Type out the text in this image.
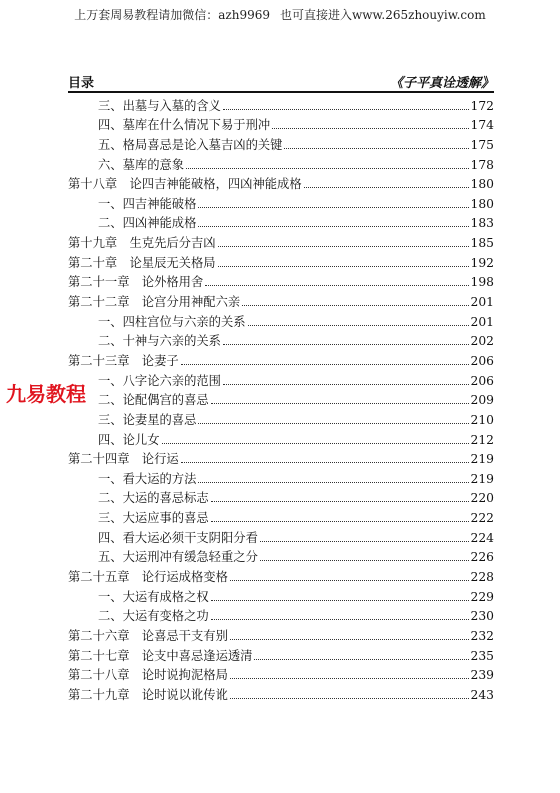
上万套周易教程请加微信：azh9969 也可直接进入www.265zhouyiw.com
目录	《子平真诠透解》
三、出墓与入墓的含义	172
四、墓库在什么情况下易于刑冲	174
五、格局喜忌是论入墓吉凶的关键	175
六、墓库的意象	178
第十八章　论四吉神能破格，四凶神能成格	180
一、四吉神能破格	180
二、四凶神能成格	183
第十九章　生克先后分吉凶	185
第二十章　论星辰无关格局	192
第二十一章　论外格用舍	198
第二十二章　论宫分用神配六亲	201
一、四柱宫位与六亲的关系	201
二、十神与六亲的关系	202
第二十三章　论妻子	206
一、八字论六亲的范围	206
二、论配偶宫的喜忌	209
三、论妻星的喜忌	210
四、论儿女	212
第二十四章　论行运	219
一、看大运的方法	219
二、大运的喜忌标志	220
三、大运应事的喜忌	222
四、看大运必须干支阴阳分看	224
五、大运刑冲有缓急轻重之分	226
第二十五章　论行运成格变格	228
一、大运有成格之权	229
二、大运有变格之功	230
第二十六章　论喜忌干支有别	232
第二十七章　论支中喜忌逢运透清	235
第二十八章　论时说拘泥格局	239
第二十九章　论时说以讹传讹	243
九易教程
